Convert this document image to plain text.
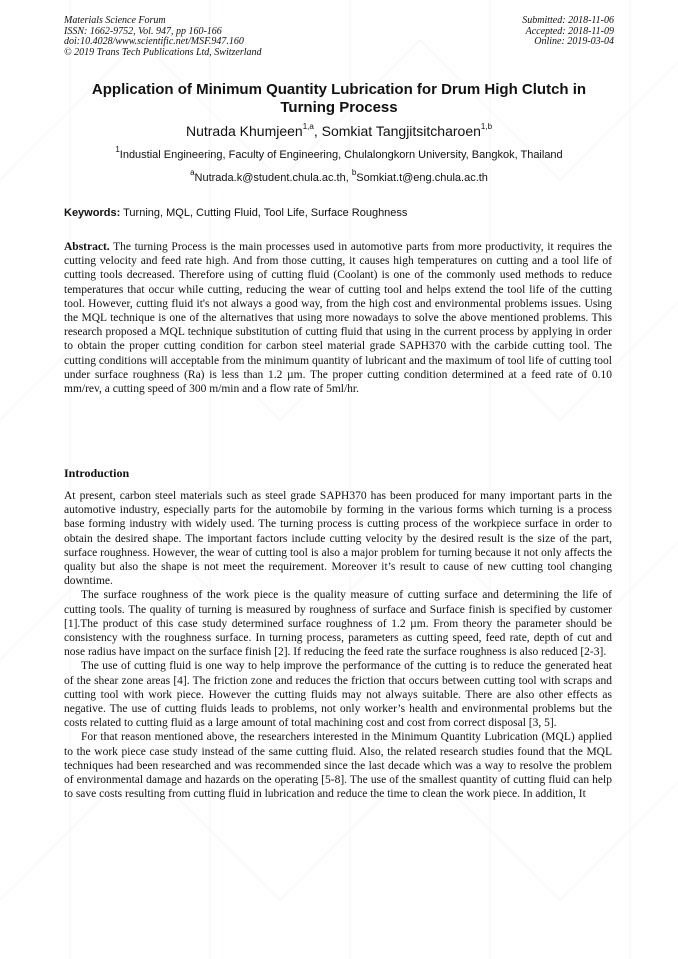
Materials Science Forum
ISSN: 1662-9752, Vol. 947, pp 160-166
doi:10.4028/www.scientific.net/MSF.947.160
© 2019 Trans Tech Publications Ltd, Switzerland
Submitted: 2018-11-06
Accepted: 2018-11-09
Online: 2019-03-04
Application of Minimum Quantity Lubrication for Drum High Clutch in
Turning Process
Nutrada Khumjeen$^{1,a}$, Somkiat Tangjitsitcharoen$^{1,b}$
$^1$Industial Engineering, Faculty of Engineering, Chulalongkorn University, Bangkok, Thailand
$^a$Nutrada.k@student.chula.ac.th, $^b$Somkiat.t@eng.chula.ac.th
Keywords: Turning, MQL, Cutting Fluid, Tool Life, Surface Roughness
Abstract. The turning Process is the main processes used in automotive parts from more productivity, it requires the cutting velocity and feed rate high. And from those cutting, it causes high temperatures on cutting and a tool life of cutting tools decreased. Therefore using of cutting fluid (Coolant) is one of the commonly used methods to reduce temperatures that occur while cutting, reducing the wear of cutting tool and helps extend the tool life of the cutting tool. However, cutting fluid it's not always a good way, from the high cost and environmental problems issues. Using the MQL technique is one of the alternatives that using more nowadays to solve the above mentioned problems. This research proposed a MQL technique substitution of cutting fluid that using in the current process by applying in order to obtain the proper cutting condition for carbon steel material grade SAPH370 with the carbide cutting tool. The cutting conditions will acceptable from the minimum quantity of lubricant and the maximum of tool life of cutting tool under surface roughness (Ra) is less than 1.2 µm. The proper cutting condition determined at a feed rate of 0.10 mm/rev, a cutting speed of 300 m/min and a flow rate of 5ml/hr.
Introduction

At present, carbon steel materials such as steel grade SAPH370 has been produced for many important parts in the automotive industry, especially parts for the automobile by forming in the various forms which turning is a process base forming industry with widely used. The turning process is cutting process of the workpiece surface in order to obtain the desired shape. The important factors include cutting velocity by the desired result is the size of the part, surface roughness. However, the wear of cutting tool is also a major problem for turning because it not only affects the quality but also the shape is not meet the requirement. Moreover it’s result to cause of new cutting tool changing downtime.

The surface roughness of the work piece is the quality measure of cutting surface and determining the life of cutting tools. The quality of turning is measured by roughness of surface and Surface finish is specified by customer [1].The product of this case study determined surface roughness of 1.2 µm. From theory the parameter should be consistency with the roughness surface. In turning process, parameters as cutting speed, feed rate, depth of cut and nose radius have impact on the surface finish [2]. If reducing the feed rate the surface roughness is also reduced [2-3].

The use of cutting fluid is one way to help improve the performance of the cutting is to reduce the generated heat of the shear zone areas [4]. The friction zone and reduces the friction that occurs between cutting tool with scraps and cutting tool with work piece. However the cutting fluids may not always suitable. There are also other effects as negative. The use of cutting fluids leads to problems, not only worker’s health and environmental problems but the costs related to cutting fluid as a large amount of total machining cost and cost from correct disposal [3, 5].

For that reason mentioned above, the researchers interested in the Minimum Quantity Lubrication (MQL) applied to the work piece case study instead of the same cutting fluid. Also, the related research studies found that the MQL techniques had been researched and was recommended since the last decade which was a way to resolve the problem of environmental damage and hazards on the operating [5-8]. The use of the smallest quantity of cutting fluid can help to save costs resulting from cutting fluid in lubrication and reduce the time to clean the work piece. In addition, It
